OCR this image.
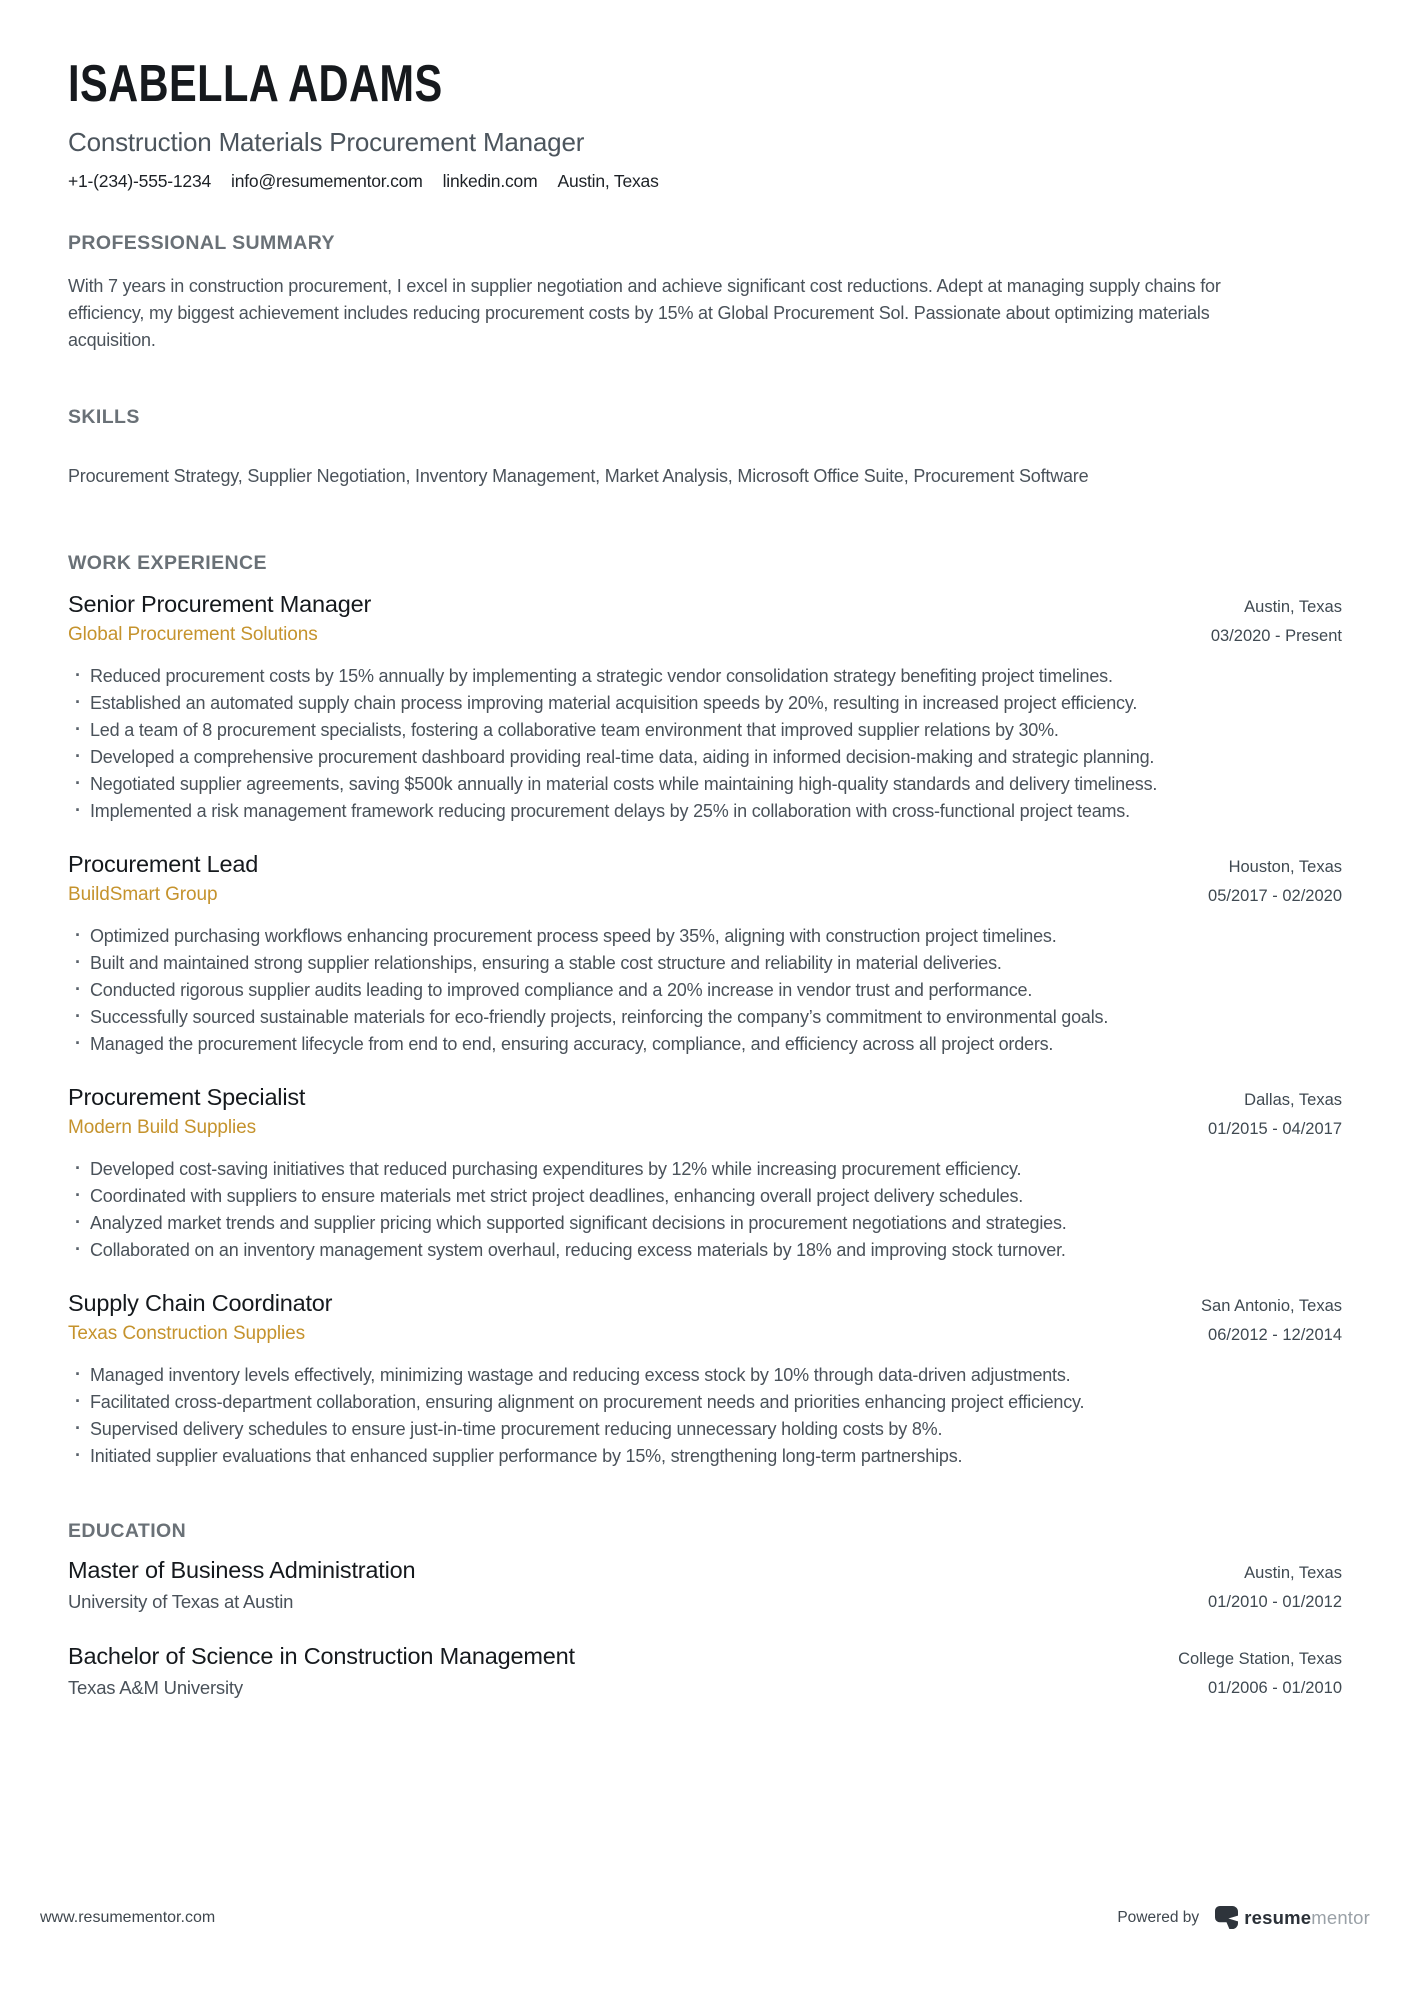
ISABELLA ADAMS
Construction Materials Procurement Manager
+1-(234)-555-1234 info@resumementor.com linkedin.com Austin, Texas
PROFESSIONAL SUMMARY

With 7 years in construction procurement, I excel in supplier negotiation and achieve significant cost reductions. Adept at managing supply chains for efficiency, my biggest achievement includes reducing procurement costs by 15% at Global Procurement Sol. Passionate about optimizing materials acquisition.

SKILLS

Procurement Strategy, Supplier Negotiation, Inventory Management, Market Analysis, Microsoft Office Suite, Procurement Software

WORK EXPERIENCE
Senior Procurement Manager
Global Procurement Solutions
Austin, Texas
03/2020 - Present
· Reduced procurement costs by 15% annually by implementing a strategic vendor consolidation strategy benefiting project timelines.
· Established an automated supply chain process improving material acquisition speeds by 20%, resulting in increased project efficiency.
· Led a team of 8 procurement specialists, fostering a collaborative team environment that improved supplier relations by 30%.
· Developed a comprehensive procurement dashboard providing real-time data, aiding in informed decision-making and strategic planning.
· Negotiated supplier agreements, saving $500k annually in material costs while maintaining high-quality standards and delivery timeliness.
· Implemented a risk management framework reducing procurement delays by 25% in collaboration with cross-functional project teams.
Procurement Lead
BuildSmart Group
Houston, Texas
05/2017 - 02/2020
· Optimized purchasing workflows enhancing procurement process speed by 35%, aligning with construction project timelines.
· Built and maintained strong supplier relationships, ensuring a stable cost structure and reliability in material deliveries.
· Conducted rigorous supplier audits leading to improved compliance and a 20% increase in vendor trust and performance.
· Successfully sourced sustainable materials for eco-friendly projects, reinforcing the company’s commitment to environmental goals.
· Managed the procurement lifecycle from end to end, ensuring accuracy, compliance, and efficiency across all project orders.
Procurement Specialist
Modern Build Supplies
Dallas, Texas
01/2015 - 04/2017
· Developed cost-saving initiatives that reduced purchasing expenditures by 12% while increasing procurement efficiency.
· Coordinated with suppliers to ensure materials met strict project deadlines, enhancing overall project delivery schedules.
· Analyzed market trends and supplier pricing which supported significant decisions in procurement negotiations and strategies.
· Collaborated on an inventory management system overhaul, reducing excess materials by 18% and improving stock turnover.
Supply Chain Coordinator
Texas Construction Supplies
San Antonio, Texas
06/2012 - 12/2014
· Managed inventory levels effectively, minimizing wastage and reducing excess stock by 10% through data-driven adjustments.
· Facilitated cross-department collaboration, ensuring alignment on procurement needs and priorities enhancing project efficiency.
· Supervised delivery schedules to ensure just-in-time procurement reducing unnecessary holding costs by 8%.
· Initiated supplier evaluations that enhanced supplier performance by 15%, strengthening long-term partnerships.
EDUCATION
Master of Business Administration
University of Texas at Austin
Austin, Texas
01/2010 - 01/2012
Bachelor of Science in Construction Management
Texas A&M University
College Station, Texas
01/2006 - 01/2010
www.resumementor.com	Powered by resumementor
